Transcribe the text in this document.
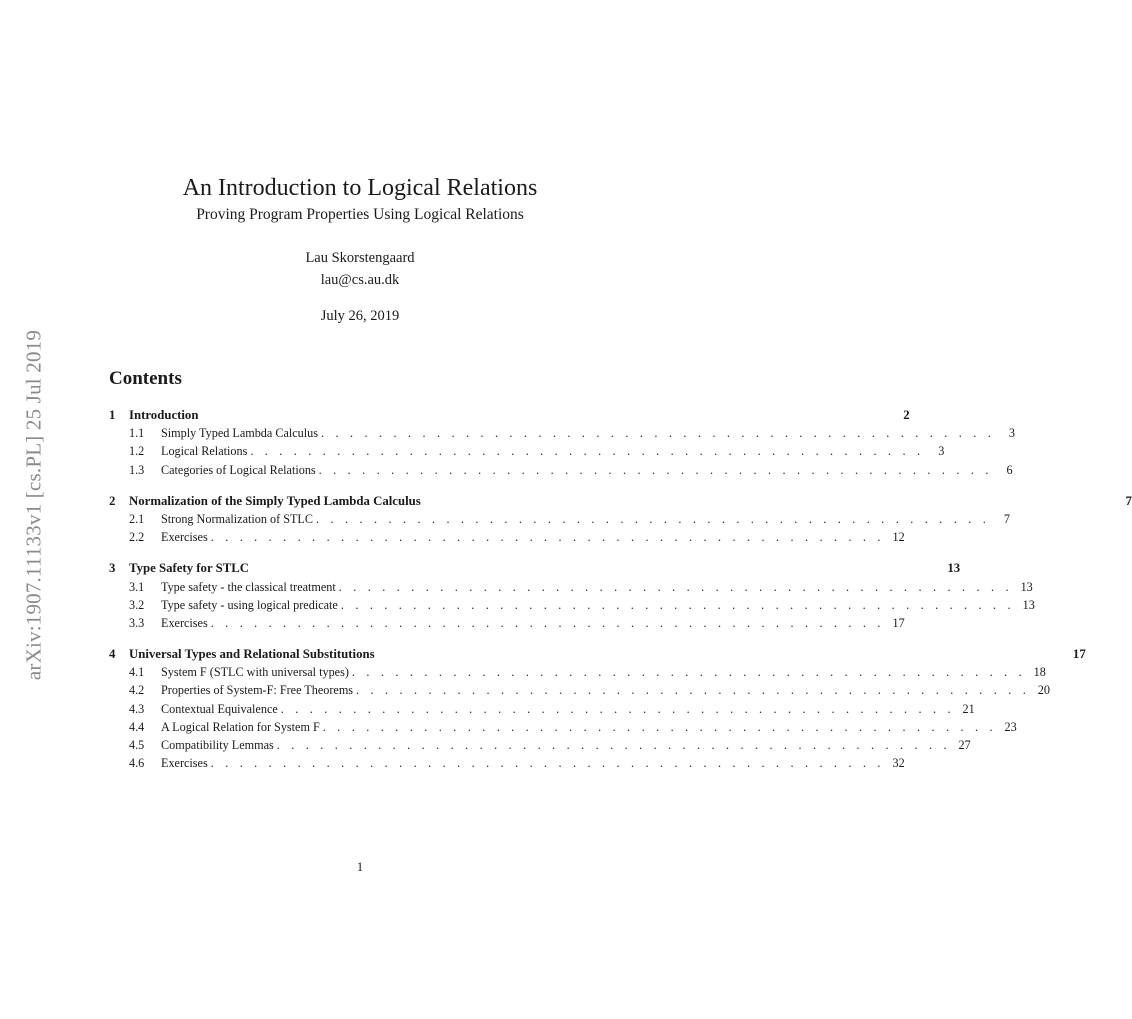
arXiv:1907.11133v1 [cs.PL] 25 Jul 2019
An Introduction to Logical Relations
Proving Program Properties Using Logical Relations
Lau Skorstengaard
lau@cs.au.dk
July 26, 2019
Contents
1	Introduction	2
1.1	Simply Typed Lambda Calculus . . . . . . . . . . . . . . . . . . . . . . . . . . . . . . . . . . . . . . . . . . . . . . .	3
1.2	Logical Relations . . . . . . . . . . . . . . . . . . . . . . . . . . . . . . . . . . . . . . . . . . . . . . .	3
1.3	Categories of Logical Relations . . . . . . . . . . . . . . . . . . . . . . . . . . . . . . . . . . . . . . . . . . . . . . .	6
2	Normalization of the Simply Typed Lambda Calculus	7
2.1	Strong Normalization of STLC . . . . . . . . . . . . . . . . . . . . . . . . . . . . . . . . . . . . . . . . . . . . . . .	7
2.2	Exercises . . . . . . . . . . . . . . . . . . . . . . . . . . . . . . . . . . . . . . . . . . . . . . . 12
3	Type Safety for STLC	13
3.1	Type safety - the classical treatment . . . . . . . . . . . . . . . . . . . . . . . . . . . . . . . . . . . . . . . . . . . . . . . 13
3.2	Type safety - using logical predicate . . . . . . . . . . . . . . . . . . . . . . . . . . . . . . . . . . . . . . . . . . . . . . . 13
3.3	Exercises . . . . . . . . . . . . . . . . . . . . . . . . . . . . . . . . . . . . . . . . . . . . . . . 17
4	Universal Types and Relational Substitutions	17
4.1	System F (STLC with universal types) . . . . . . . . . . . . . . . . . . . . . . . . . . . . . . . . . . . . . . . . . . . . . . . 18
4.2	Properties of System-F: Free Theorems . . . . . . . . . . . . . . . . . . . . . . . . . . . . . . . . . . . . . . . . . . . . . . . 20
4.3	Contextual Equivalence . . . . . . . . . . . . . . . . . . . . . . . . . . . . . . . . . . . . . . . . . . . . . . . 21
4.4	A Logical Relation for System F . . . . . . . . . . . . . . . . . . . . . . . . . . . . . . . . . . . . . . . . . . . . . . . 23
4.5	Compatibility Lemmas . . . . . . . . . . . . . . . . . . . . . . . . . . . . . . . . . . . . . . . . . . . . . . . 27
4.6	Exercises . . . . . . . . . . . . . . . . . . . . . . . . . . . . . . . . . . . . . . . . . . . . . . . 32
1
